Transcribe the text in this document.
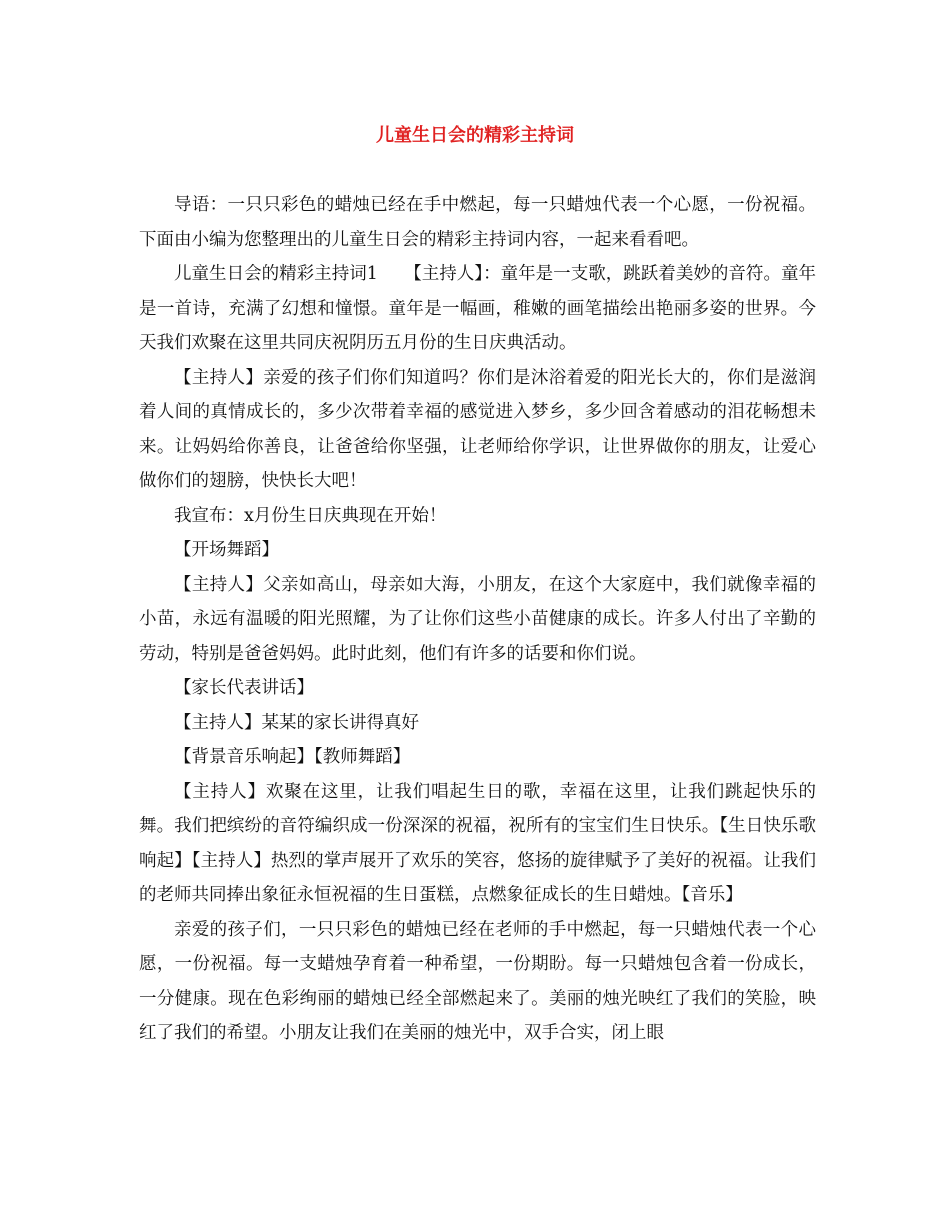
儿童生日会的精彩主持词

导语：一只只彩色的蜡烛已经在手中燃起，每一只蜡烛代表一个心愿，一份祝福。下面由小编为您整理出的儿童生日会的精彩主持词内容，一起来看看吧。

儿童生日会的精彩主持词1　　【主持人】：童年是一支歌，跳跃着美妙的音符。童年是一首诗，充满了幻想和憧憬。童年是一幅画，稚嫩的画笔描绘出艳丽多姿的世界。今天我们欢聚在这里共同庆祝阴历五月份的生日庆典活动。

【主持人】亲爱的孩子们你们知道吗？你们是沐浴着爱的阳光长大的，你们是滋润着人间的真情成长的，多少次带着幸福的感觉进入梦乡，多少回含着感动的泪花畅想未来。让妈妈给你善良，让爸爸给你坚强，让老师给你学识，让世界做你的朋友，让爱心做你们的翅膀，快快长大吧！

我宣布：x月份生日庆典现在开始！

【开场舞蹈】

【主持人】父亲如高山，母亲如大海，小朋友，在这个大家庭中，我们就像幸福的小苗，永远有温暖的阳光照耀，为了让你们这些小苗健康的成长。许多人付出了辛勤的劳动，特别是爸爸妈妈。此时此刻，他们有许多的话要和你们说。

【家长代表讲话】

【主持人】某某的家长讲得真好

【背景音乐响起】【教师舞蹈】

【主持人】欢聚在这里，让我们唱起生日的歌，幸福在这里，让我们跳起快乐的舞。我们把缤纷的音符编织成一份深深的祝福，祝所有的宝宝们生日快乐。【生日快乐歌响起】【主持人】热烈的掌声展开了欢乐的笑容，悠扬的旋律赋予了美好的祝福。让我们的老师共同捧出象征永恒祝福的生日蛋糕，点燃象征成长的生日蜡烛。【音乐】

亲爱的孩子们，一只只彩色的蜡烛已经在老师的手中燃起，每一只蜡烛代表一个心愿，一份祝福。每一支蜡烛孕育着一种希望，一份期盼。每一只蜡烛包含着一份成长，一分健康。现在色彩绚丽的蜡烛已经全部燃起来了。美丽的烛光映红了我们的笑脸，映红了我们的希望。小朋友让我们在美丽的烛光中，双手合实，闭上眼
